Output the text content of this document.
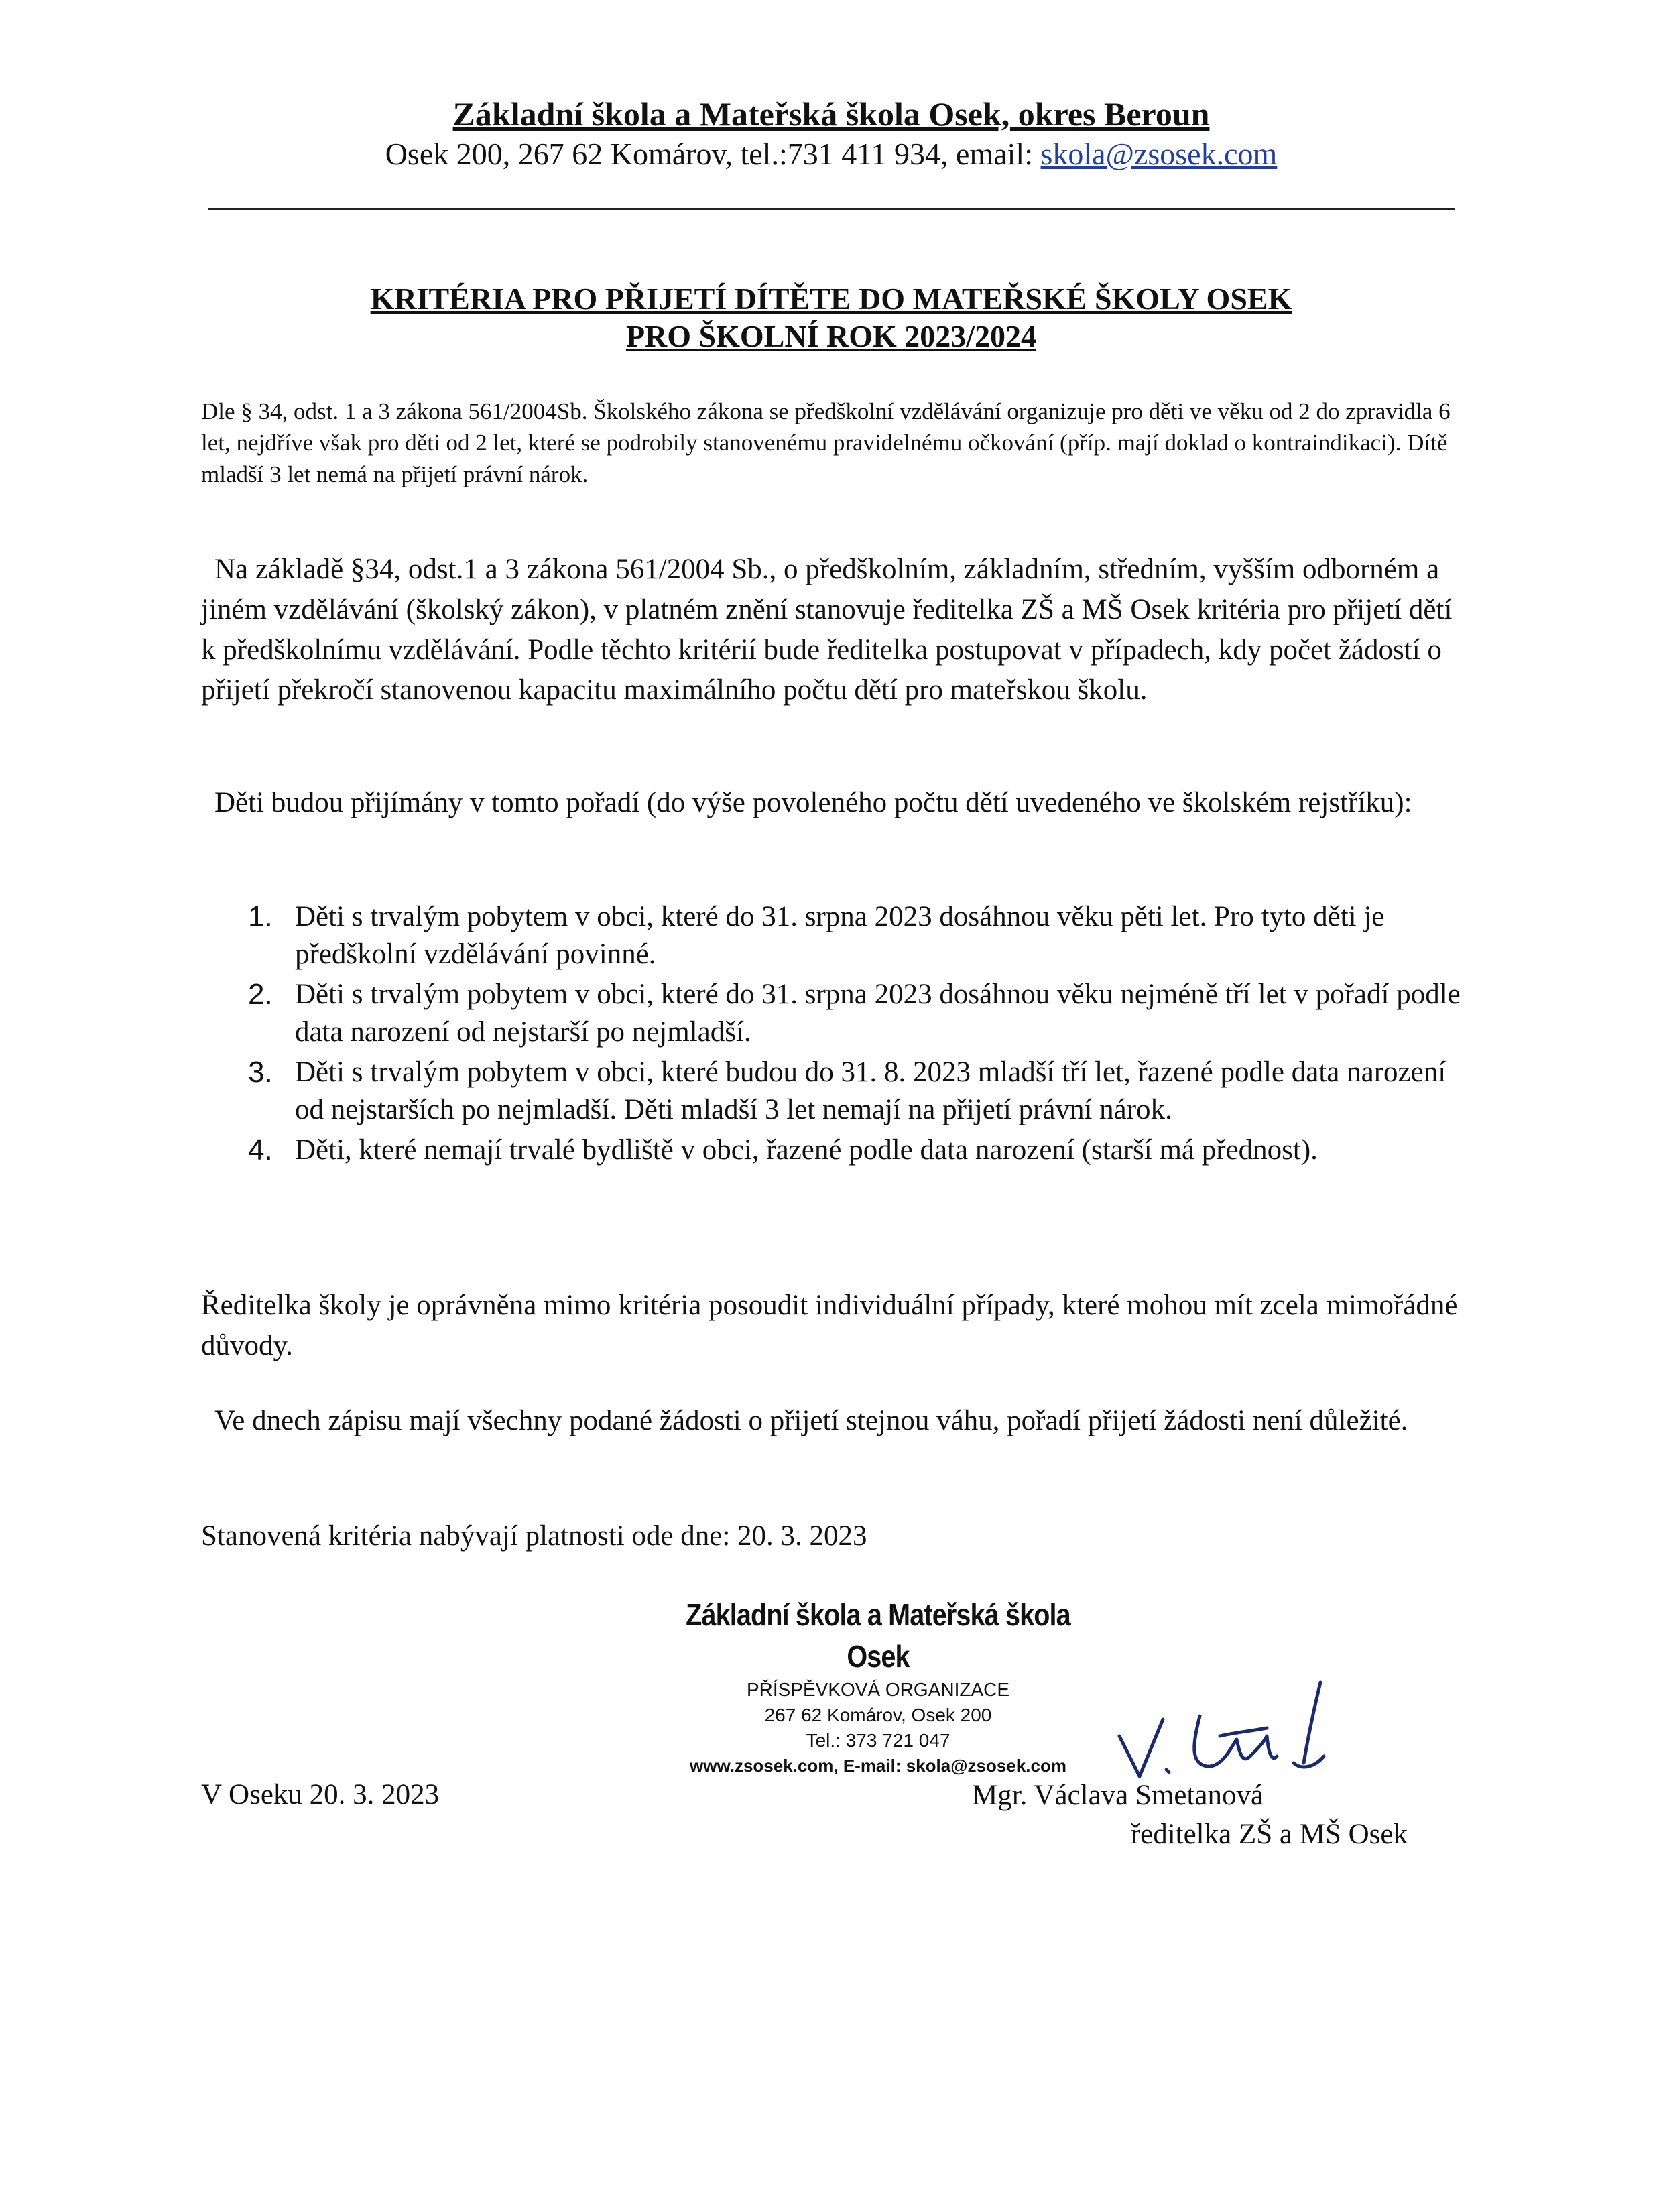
Základní škola a Mateřská škola Osek, okres Beroun
Osek 200, 267 62 Komárov, tel.:731 411 934, email: skola@zsosek.com
KRITÉRIA PRO PŘIJETÍ DÍTĚTE DO MATEŘSKÉ ŠKOLY OSEK
PRO ŠKOLNÍ ROK 2023/2024
Dle § 34, odst. 1 a 3 zákona 561/2004Sb. Školského zákona se předškolní vzdělávání organizuje pro děti ve věku od 2 do zpravidla 6 let, nejdříve však pro děti od 2 let, které se podrobily stanovenému pravidelnému očkování (příp. mají doklad o kontraindikaci). Dítě mladší 3 let nemá na přijetí právní nárok.
Na základě §34, odst.1 a 3 zákona 561/2004 Sb., o předškolním, základním, středním, vyšším odborném a jiném vzdělávání (školský zákon), v platném znění stanovuje ředitelka ZŠ a MŠ Osek kritéria pro přijetí dětí k předškolnímu vzdělávání. Podle těchto kritérií bude ředitelka postupovat v případech, kdy počet žádostí o přijetí překročí stanovenou kapacitu maximálního počtu dětí pro mateřskou školu.
Děti budou přijímány v tomto pořadí (do výše povoleného počtu dětí uvedeného ve školském rejstříku):
1. Děti s trvalým pobytem v obci, které do 31. srpna 2023 dosáhnou věku pěti let. Pro tyto děti je předškolní vzdělávání povinné.
2. Děti s trvalým pobytem v obci, které do 31. srpna 2023 dosáhnou věku nejméně tří let v pořadí podle data narození od nejstarší po nejmladší.
3. Děti s trvalým pobytem v obci, které budou do 31. 8. 2023 mladší tří let, řazené podle data narození od nejstarších po nejmladší. Děti mladší 3 let nemají na přijetí právní nárok.
4. Děti, které nemají trvalé bydliště v obci, řazené podle data narození (starší má přednost).
Ředitelka školy je oprávněna mimo kritéria posoudit individuální případy, které mohou mít zcela mimořádné důvody.
Ve dnech zápisu mají všechny podané žádosti o přijetí stejnou váhu, pořadí přijetí žádosti není důležité.
Stanovená kritéria nabývají platnosti ode dne: 20. 3. 2023
Základní škola a Mateřská škola Osek
PŘÍSPĚVKOVÁ ORGANIZACE
267 62 Komárov, Osek 200
Tel.: 373 721 047
www.zsosek.com, E-mail: skola@zsosek.com
V Oseku 20. 3. 2023	Mgr. Václava Smetanová
ředitelka ZŠ a MŠ Osek
